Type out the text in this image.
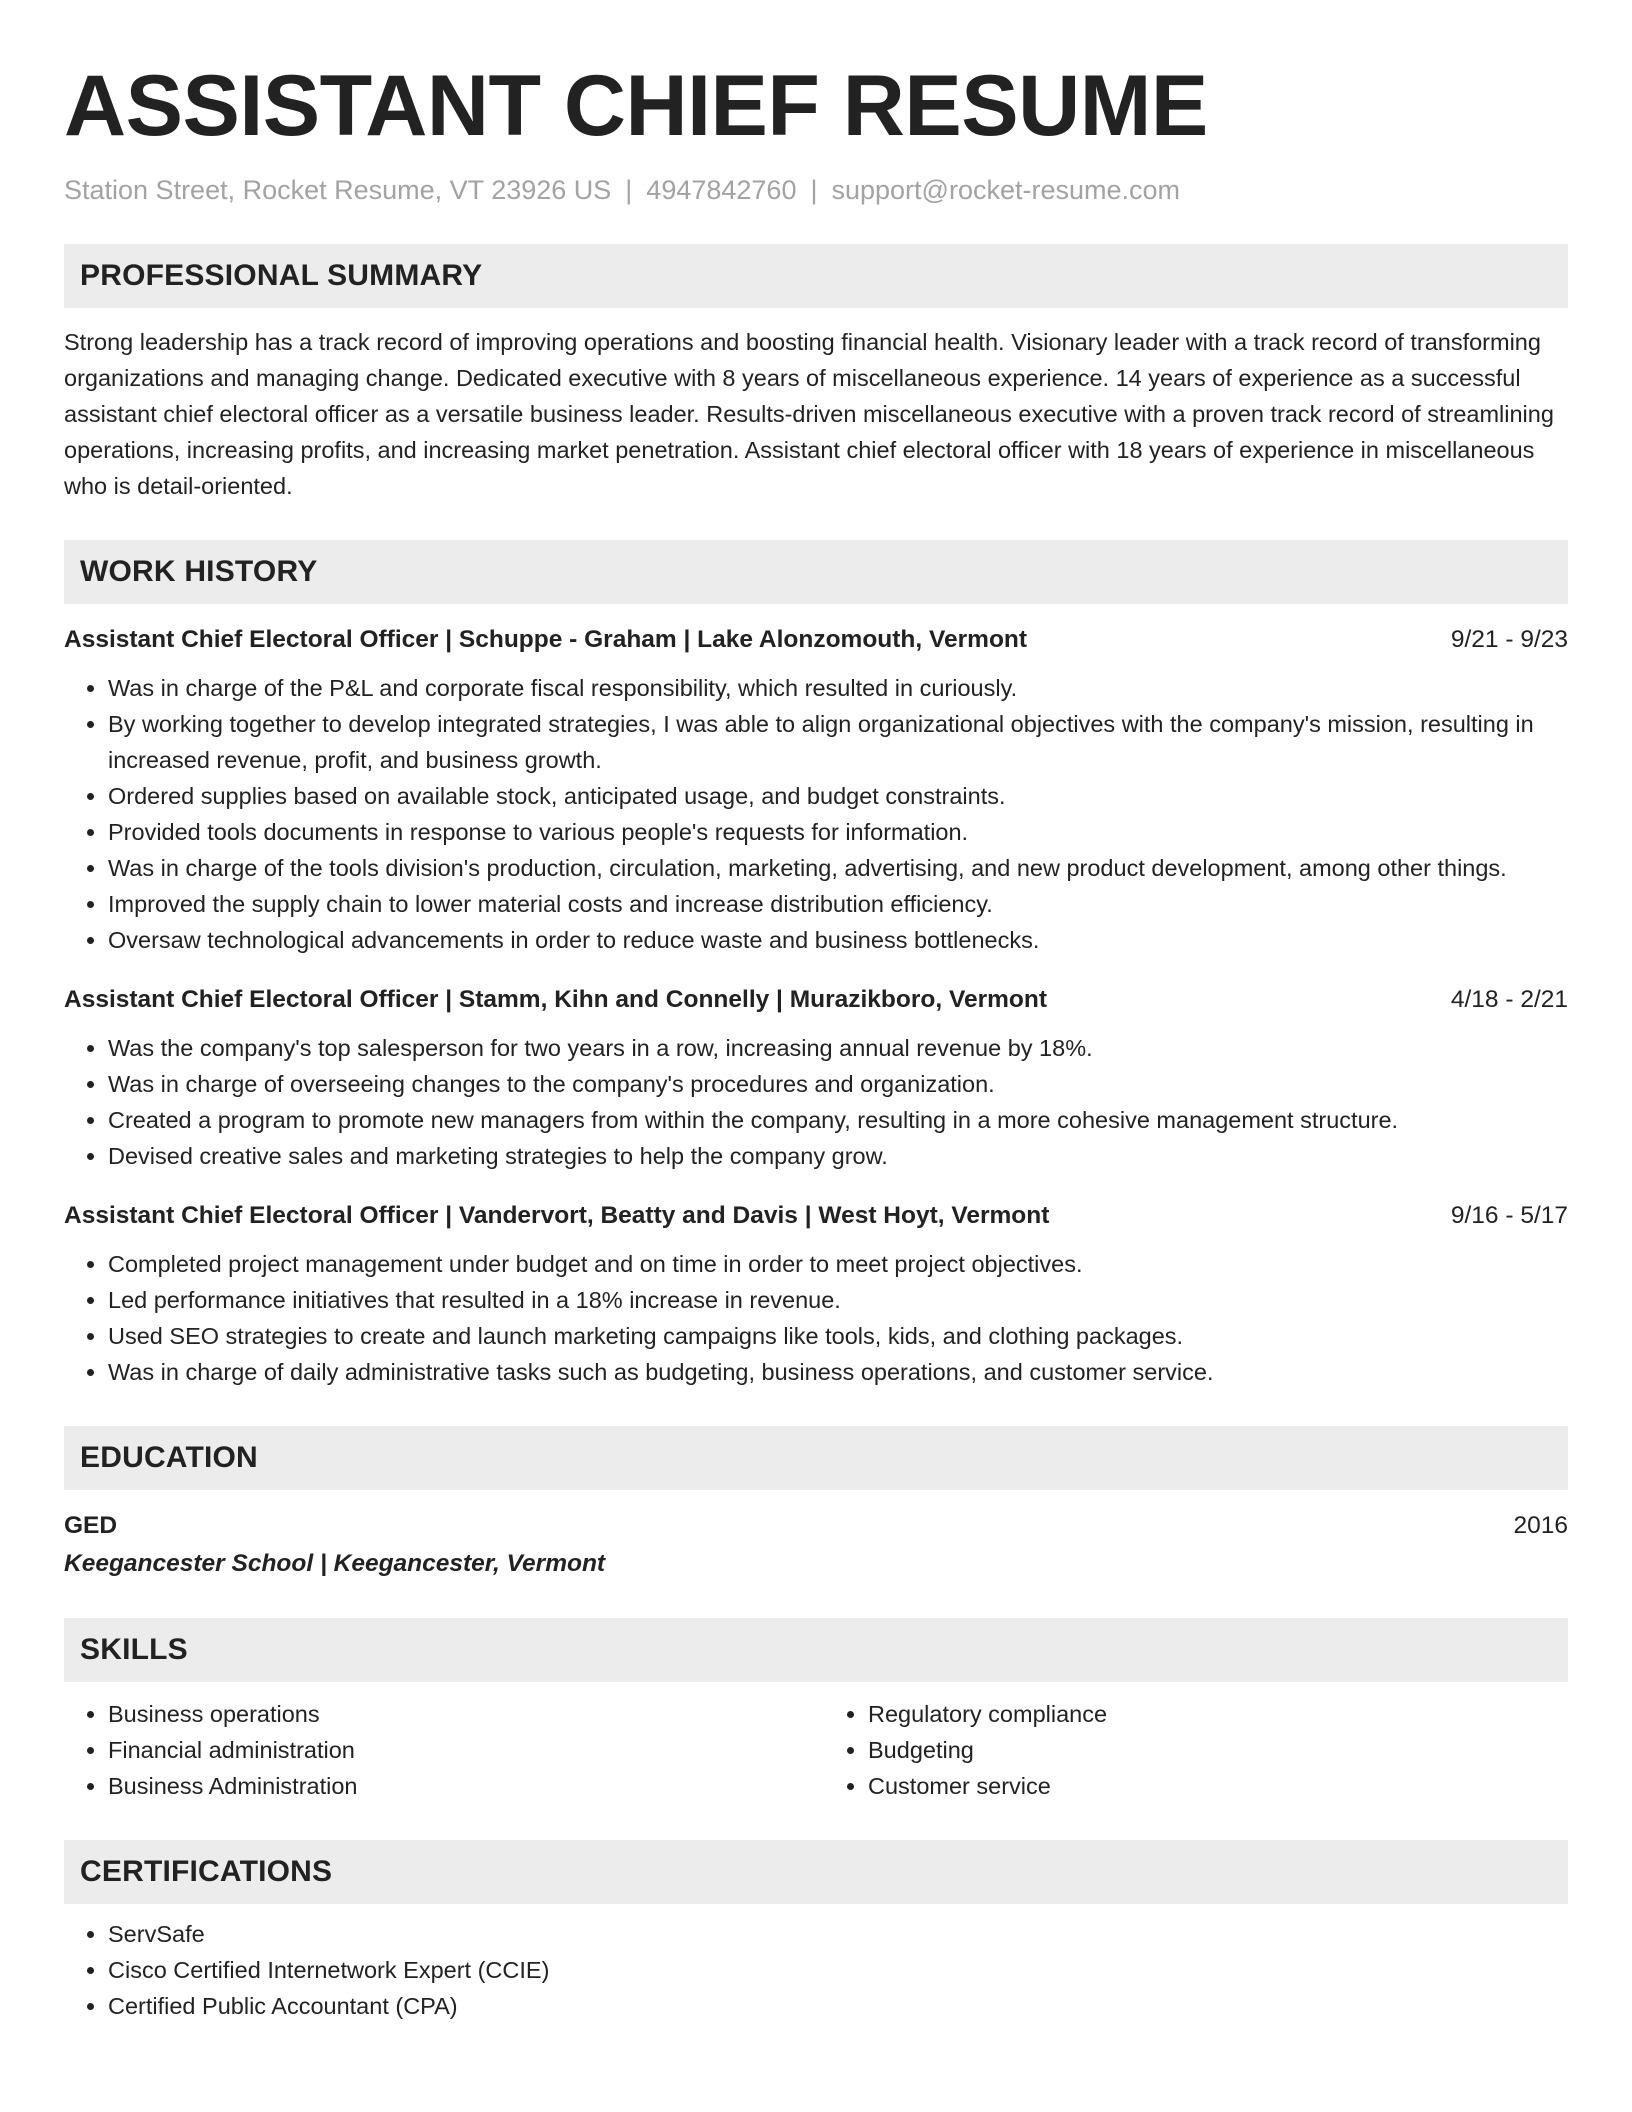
ASSISTANT CHIEF RESUME
Station Street, Rocket Resume, VT 23926 US | 4947842760 | support@rocket-resume.com
PROFESSIONAL SUMMARY

Strong leadership has a track record of improving operations and boosting financial health. Visionary leader with a track record of transforming organizations and managing change. Dedicated executive with 8 years of miscellaneous experience. 14 years of experience as a successful assistant chief electoral officer as a versatile business leader. Results-driven miscellaneous executive with a proven track record of streamlining operations, increasing profits, and increasing market penetration. Assistant chief electoral officer with 18 years of experience in miscellaneous who is detail-oriented.

WORK HISTORY
Assistant Chief Electoral Officer | Schuppe - Graham | Lake Alonzomouth, Vermont	9/21 - 9/23
• Was in charge of the P&L and corporate fiscal responsibility, which resulted in curiously.
• By working together to develop integrated strategies, I was able to align organizational objectives with the company's mission, resulting in increased revenue, profit, and business growth.
• Ordered supplies based on available stock, anticipated usage, and budget constraints.
• Provided tools documents in response to various people's requests for information.
• Was in charge of the tools division's production, circulation, marketing, advertising, and new product development, among other things.
• Improved the supply chain to lower material costs and increase distribution efficiency.
• Oversaw technological advancements in order to reduce waste and business bottlenecks.
Assistant Chief Electoral Officer | Stamm, Kihn and Connelly | Murazikboro, Vermont	4/18 - 2/21
• Was the company's top salesperson for two years in a row, increasing annual revenue by 18%.
• Was in charge of overseeing changes to the company's procedures and organization.
• Created a program to promote new managers from within the company, resulting in a more cohesive management structure.
• Devised creative sales and marketing strategies to help the company grow.
Assistant Chief Electoral Officer | Vandervort, Beatty and Davis | West Hoyt, Vermont	9/16 - 5/17
• Completed project management under budget and on time in order to meet project objectives.
• Led performance initiatives that resulted in a 18% increase in revenue.
• Used SEO strategies to create and launch marketing campaigns like tools, kids, and clothing packages.
• Was in charge of daily administrative tasks such as budgeting, business operations, and customer service.
EDUCATION
GED	2016
Keegancester School | Keegancester, Vermont
SKILLS
• Business operations
• Financial administration
• Business Administration
• Regulatory compliance
• Budgeting
• Customer service
CERTIFICATIONS
• ServSafe
• Cisco Certified Internetwork Expert (CCIE)
• Certified Public Accountant (CPA)
